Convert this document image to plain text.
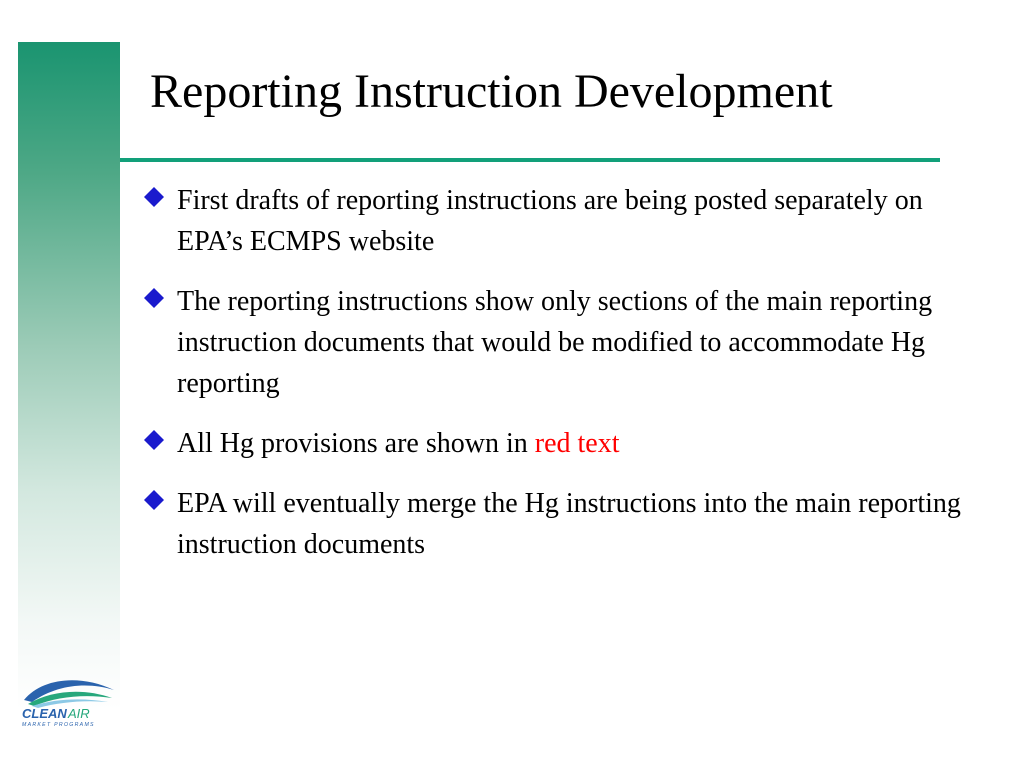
Reporting Instruction Development
First drafts of reporting instructions are being posted separately on EPA’s ECMPS website
The reporting instructions show only sections of the main reporting instruction documents that would be modified to accommodate Hg reporting
All Hg provisions are shown in red text
EPA will eventually merge the Hg instructions into the main reporting instruction documents
CLEAN AIR
MARKET PROGRAMS
